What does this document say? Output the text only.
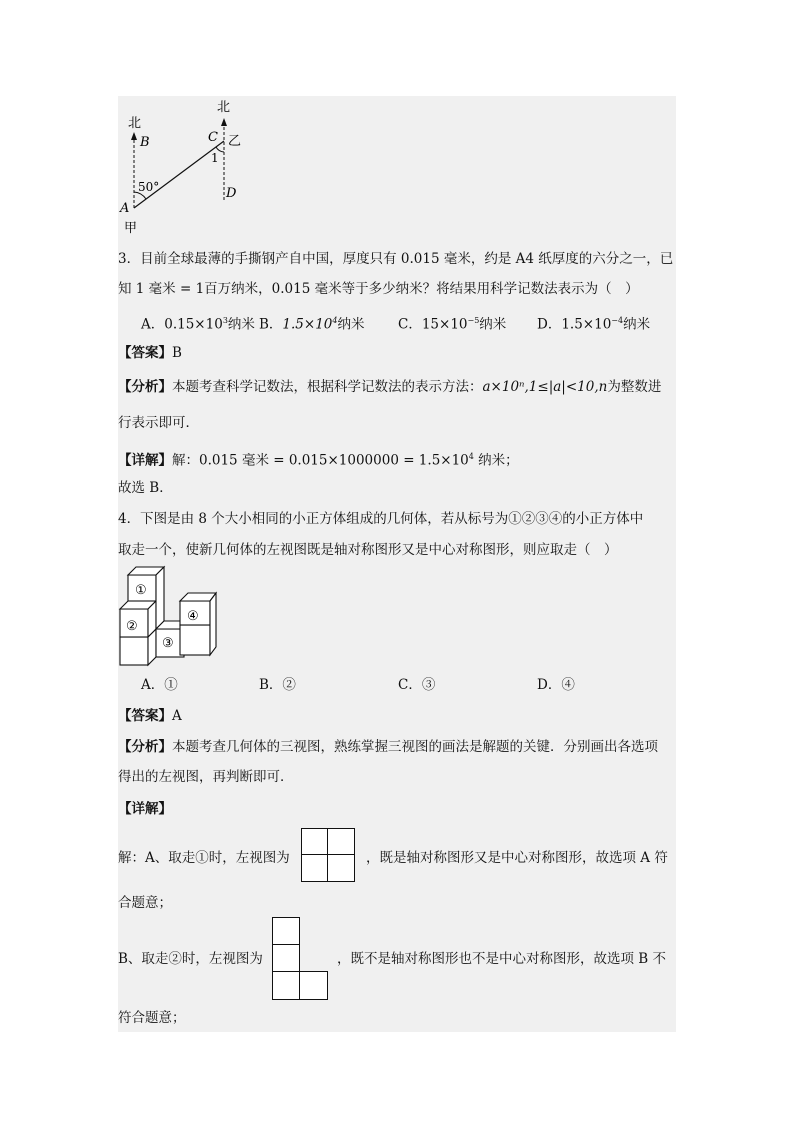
北
北
B	C 乙
1
D
50°
A
甲
3．目前全球最薄的手撕钢产自中国，厚度只有 0.015 毫米，约是 A4 纸厚度的六分之一，已
知 1 毫米 = 1百万纳米，0.015 毫米等于多少纳米？将结果用科学记数法表示为（　）
A．$0.15\times 10^3$纳米 B．$1.5\times 10^4$纳米 C．$15\times 10^{-5}$纳米 D．$1.5\times 10^{-4}$纳米
【答案】B
【分析】本题考查科学记数法，根据科学记数法的表示方法：a×10ⁿ,1≤|a|<10,n为整数进
行表示即可．
【详解】解：0.015 毫米 = $0.015\times 1000000 = 1.5\times 10^4$ 纳米；
故选 B．
4．下图是由 8 个大小相同的小正方体组成的几何体，若从标号为①②③④的小正方体中
取走一个，使新几何体的左视图既是轴对称图形又是中心对称图形，则应取走（　）
①
②
③
④
A．①	B．②	C．③	D．④
【答案】A
【分析】本题考查几何体的三视图，熟练掌握三视图的画法是解题的关键．分别画出各选项
得出的左视图，再判断即可．
【详解】
解：A、取走①时，左视图为	，既是轴对称图形又是中心对称图形，故选项 A 符
合题意；
B、取走②时，左视图为	，既不是轴对称图形也不是中心对称图形，故选项 B 不
符合题意；
